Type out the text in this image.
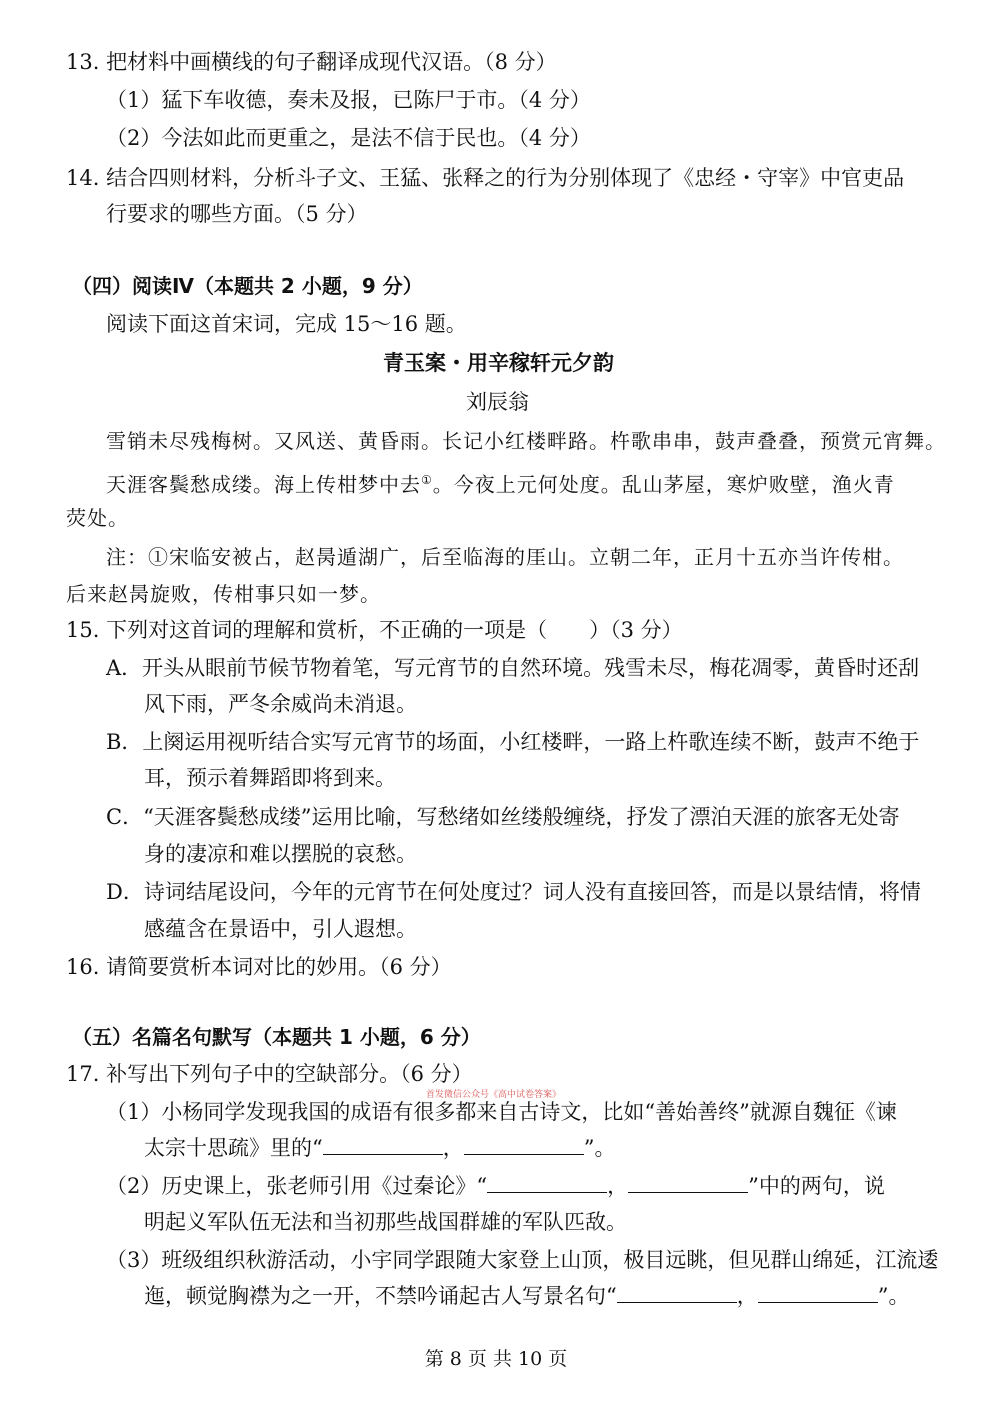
13. 把材料中画横线的句子翻译成现代汉语。（8 分）
（1）猛下车收德，奏未及报，已陈尸于市。（4 分）
（2）今法如此而更重之，是法不信于民也。（4 分）
14. 结合四则材料，分析斗子文、王猛、张释之的行为分别体现了《忠经・守宰》中官吏品
行要求的哪些方面。（5 分）
（四）阅读Ⅳ（本题共 2 小题，9 分）
阅读下面这首宋词，完成 15～16 题。
青玉案・用辛稼轩元夕韵
刘辰翁
雪销未尽残梅树。又风送、黄昏雨。长记小红楼畔路。杵歌串串，鼓声叠叠，预赏元宵舞。
天涯客鬓愁成缕。海上传柑梦中去①。今夜上元何处度。乱山茅屋，寒炉败壁，渔火青
荧处。
注：①宋临安被占，赵昺遁湖广，后至临海的厓山。立朝二年，正月十五亦当许传柑。
后来赵昺旋败，传柑事只如一梦。
15. 下列对这首词的理解和赏析，不正确的一项是（　　）（3 分）
A．开头从眼前节候节物着笔，写元宵节的自然环境。残雪未尽，梅花凋零，黄昏时还刮
风下雨，严冬余威尚未消退。
B．上阕运用视听结合实写元宵节的场面，小红楼畔，一路上杵歌连续不断，鼓声不绝于
耳，预示着舞蹈即将到来。
C．“天涯客鬓愁成缕”运用比喻，写愁绪如丝缕般缠绕，抒发了漂泊天涯的旅客无处寄
身的凄凉和难以摆脱的哀愁。
D．诗词结尾设问，今年的元宵节在何处度过？词人没有直接回答，而是以景结情，将情
感蕴含在景语中，引人遐想。
16. 请简要赏析本词对比的妙用。（6 分）
（五）名篇名句默写（本题共 1 小题，6 分）
17. 补写出下列句子中的空缺部分。（6 分）
首发微信公众号《高中试卷答案》
（1）小杨同学发现我国的成语有很多都来自古诗文，比如“善始善终”就源自魏征《谏
太宗十思疏》里的“	，	”。
（2）历史课上，张老师引用《过秦论》“	，	”中的两句，说
明起义军队伍无法和当初那些战国群雄的军队匹敌。
（3）班级组织秋游活动，小宇同学跟随大家登上山顶，极目远眺，但见群山绵延，江流逶
迤，顿觉胸襟为之一开，不禁吟诵起古人写景名句“	，	”。
第 8 页 共 10 页
